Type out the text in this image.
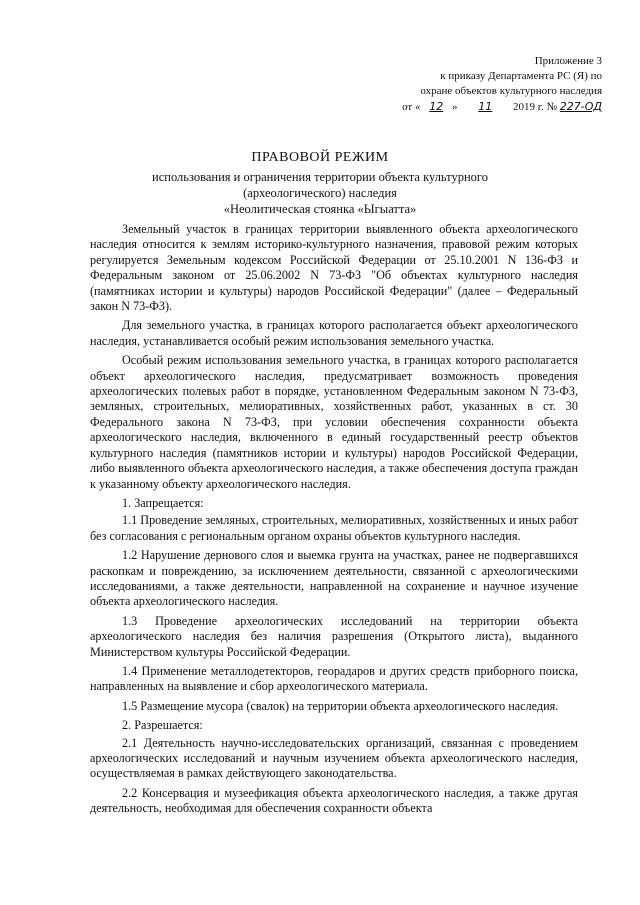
Приложение 3
к приказу Департамента РС (Я) по
охране объектов культурного наследия
от « 12 » 11 2019 г. № 227-ОД
ПРАВОВОЙ РЕЖИМ
использования и ограничения территории объекта культурного
(археологического) наследия
«Неолитическая стоянка «Ыгыатта»

Земельный участок в границах территории выявленного объекта археологического наследия относится к землям историко-культурного назначения, правовой режим которых регулируется Земельным кодексом Российской Федерации от 25.10.2001 N 136-ФЗ и Федеральным законом от 25.06.2002 N 73-ФЗ "Об объектах культурного наследия (памятниках истории и культуры) народов Российской Федерации" (далее – Федеральный закон N 73-ФЗ).

Для земельного участка, в границах которого располагается объект археологического наследия, устанавливается особый режим использования земельного участка.

Особый режим использования земельного участка, в границах которого располагается объект археологического наследия, предусматривает возможность проведения археологических полевых работ в порядке, установленном Федеральным законом N 73-ФЗ, земляных, строительных, мелиоративных, хозяйственных работ, указанных в ст. 30 Федерального закона N 73-ФЗ, при условии обеспечения сохранности объекта археологического наследия, включенного в единый государственный реестр объектов культурного наследия (памятников истории и культуры) народов Российской Федерации, либо выявленного объекта археологического наследия, а также обеспечения доступа граждан к указанному объекту археологического наследия.

1. Запрещается:

1.1 Проведение земляных, строительных, мелиоративных, хозяйственных и иных работ без согласования с региональным органом охраны объектов культурного наследия.

1.2 Нарушение дернового слоя и выемка грунта на участках, ранее не подвергавшихся раскопкам и повреждению, за исключением деятельности, связанной с археологическими исследованиями, а также деятельности, направленной на сохранение и научное изучение объекта археологического наследия.

1.3 Проведение археологических исследований на территории объекта археологического наследия без наличия разрешения (Открытого листа), выданного Министерством культуры Российской Федерации.

1.4 Применение металлодетекторов, георадаров и других средств приборного поиска, направленных на выявление и сбор археологического материала.

1.5 Размещение мусора (свалок) на территории объекта археологического наследия.

2. Разрешается:

2.1 Деятельность научно-исследовательских организаций, связанная с проведением археологических исследований и научным изучением объекта археологического наследия, осуществляемая в рамках действующего законодательства.

2.2 Консервация и музеефикация объекта археологического наследия, а также другая деятельность, необходимая для обеспечения сохранности объекта
